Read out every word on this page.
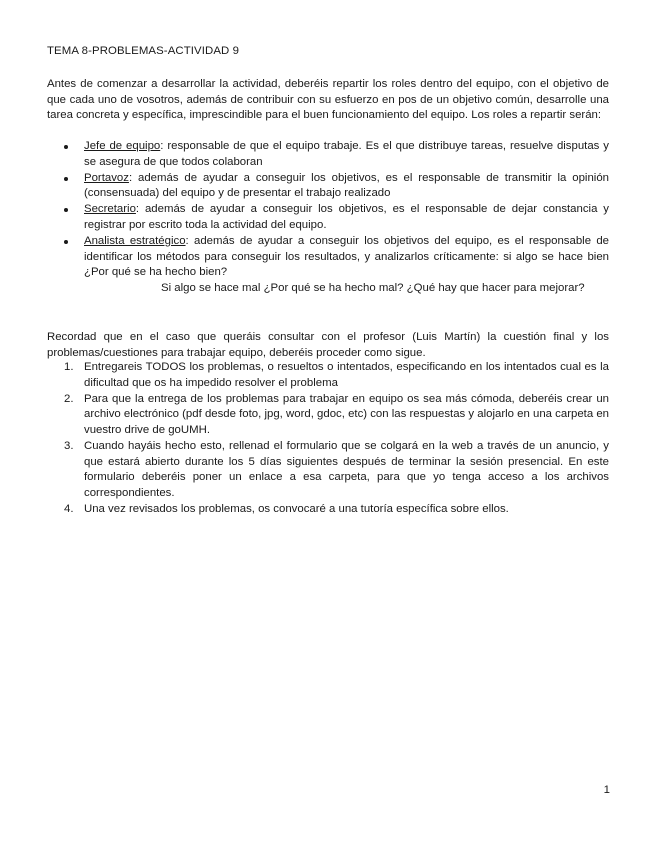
TEMA 8-PROBLEMAS-ACTIVIDAD 9
Antes de comenzar a desarrollar la actividad, deberéis repartir los roles dentro del equipo, con el objetivo de que cada uno de vosotros, además de contribuir con su esfuerzo en pos de un objetivo común, desarrolle una tarea concreta y específica, imprescindible para el buen funcionamiento del equipo. Los roles a repartir serán:
Jefe de equipo: responsable de que el equipo trabaje. Es el que distribuye tareas, resuelve disputas y se asegura de que todos colaboran
Portavoz: además de ayudar a conseguir los objetivos, es el responsable de transmitir la opinión (consensuada) del equipo y de presentar el trabajo realizado
Secretario: además de ayudar a conseguir los objetivos, es el responsable de dejar constancia y registrar por escrito toda la actividad del equipo.
Analista estratégico: además de ayudar a conseguir los objetivos del equipo, es el responsable de identificar los métodos para conseguir los resultados, y analizarlos críticamente: si algo se hace bien ¿Por qué se ha hecho bien?
Si algo se hace mal ¿Por qué se ha hecho mal? ¿Qué hay que hacer para mejorar?
Recordad que en el caso que queráis consultar con el profesor (Luis Martín) la cuestión final y los problemas/cuestiones para trabajar equipo, deberéis proceder como sigue.
1. Entregareis TODOS los problemas, o resueltos o intentados, especificando en los intentados cual es la dificultad que os ha impedido resolver el problema
2. Para que la entrega de los problemas para trabajar en equipo os sea más cómoda, deberéis crear un archivo electrónico (pdf desde foto, jpg, word, gdoc, etc) con las respuestas y alojarlo en una carpeta en vuestro drive de goUMH.
3. Cuando hayáis hecho esto, rellenad el formulario que se colgará en la web a través de un anuncio, y que estará abierto durante los 5 días siguientes después de terminar la sesión presencial. En este formulario deberéis poner un enlace a esa carpeta, para que yo tenga acceso a los archivos correspondientes.
4. Una vez revisados los problemas, os convocaré a una tutoría específica sobre ellos.
1
